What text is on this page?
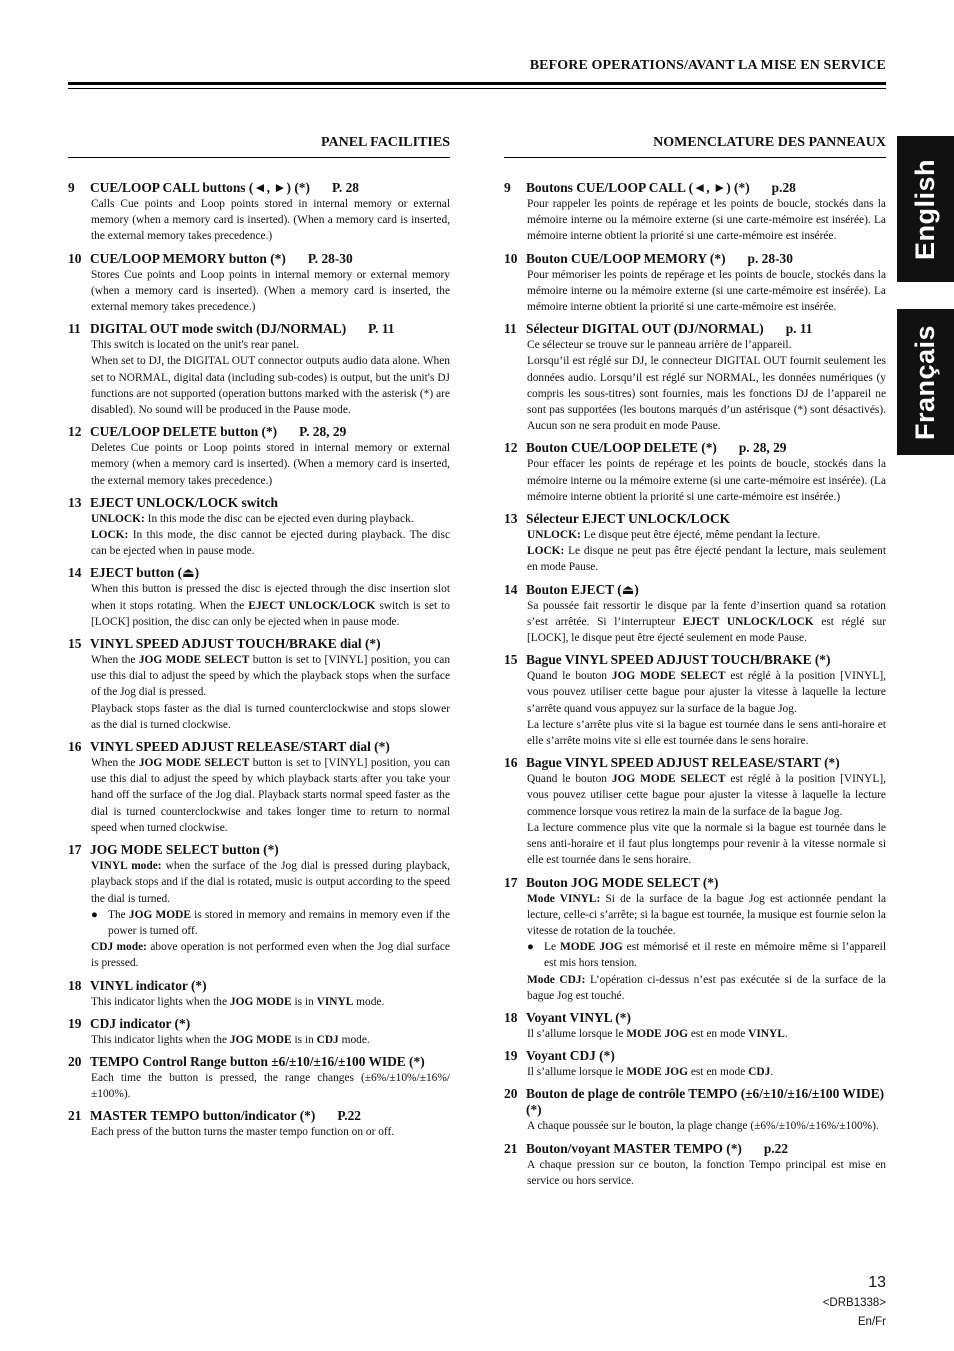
BEFORE OPERATIONS/AVANT LA MISE EN SERVICE
English
Français
PANEL FACILITIES
9	CUE/LOOP CALL buttons (◄, ►) (*) P. 28

Calls Cue points and Loop points stored in internal memory or external memory (when a memory card is inserted). (When a memory card is inserted, the external memory takes precedence.)

10 CUE/LOOP MEMORY button (*) P. 28-30

Stores Cue points and Loop points in internal memory or external memory (when a memory card is inserted). (When a memory card is inserted, the external memory takes precedence.)

11 DIGITAL OUT mode switch (DJ/NORMAL) P. 11

This switch is located on the unit's rear panel.

When set to DJ, the DIGITAL OUT connector outputs audio data alone. When set to NORMAL, digital data (including sub-codes) is output, but the unit's DJ functions are not supported (operation buttons marked with the asterisk (*) are disabled). No sound will be produced in the Pause mode.

12 CUE/LOOP DELETE button (*) P. 28, 29

Deletes Cue points or Loop points stored in internal memory or external memory (when a memory card is inserted). (When a memory card is inserted, the external memory takes precedence.)

13 EJECT UNLOCK/LOCK switch

UNLOCK: In this mode the disc can be ejected even during playback.

LOCK: In this mode, the disc cannot be ejected during playback. The disc can be ejected when in pause mode.

14 EJECT button (⏏)

When this button is pressed the disc is ejected through the disc insertion slot when it stops rotating. When the EJECT UNLOCK/LOCK switch is set to [LOCK] position, the disc can only be ejected when in pause mode.

15 VINYL SPEED ADJUST TOUCH/BRAKE dial (*)

When the JOG MODE SELECT button is set to [VINYL] position, you can use this dial to adjust the speed by which the playback stops when the surface of the Jog dial is pressed.

Playback stops faster as the dial is turned counterclockwise and stops slower as the dial is turned clockwise.

16 VINYL SPEED ADJUST RELEASE/START dial (*)

When the JOG MODE SELECT button is set to [VINYL] position, you can use this dial to adjust the speed by which playback starts after you take your hand off the surface of the Jog dial. Playback starts normal speed faster as the dial is turned counterclockwise and takes longer time to return to normal speed when turned clockwise.

17 JOG MODE SELECT button (*)

VINYL mode: when the surface of the Jog dial is pressed during playback, playback stops and if the dial is rotated, music is output according to the speed the dial is turned.

● The JOG MODE is stored in memory and remains in memory even if the power is turned off.

CDJ mode: above operation is not performed even when the Jog dial surface is pressed.

18 VINYL indicator (*)

This indicator lights when the JOG MODE is in VINYL mode.

19 CDJ indicator (*)

This indicator lights when the JOG MODE is in CDJ mode.

20 TEMPO Control Range button ±6/±10/±16/±100 WIDE (*)

Each time the button is pressed, the range changes (±6%/±10%/±16%/±100%).

21 MASTER TEMPO button/indicator (*) P.22

Each press of the button turns the master tempo function on or off.

NOMENCLATURE DES PANNEAUX
9	Boutons CUE/LOOP CALL (◄, ►) (*) p.28

Pour rappeler les points de repérage et les points de boucle, stockés dans la mémoire interne ou la mémoire externe (si une carte-mémoire est insérée). La mémoire interne obtient la priorité si une carte-mémoire est insérée.

10 Bouton CUE/LOOP MEMORY (*) p. 28-30

Pour mémoriser les points de repérage et les points de boucle, stockés dans la mémoire interne ou la mémoire externe (si une carte-mémoire est insérée). La mémoire interne obtient la priorité si une carte-mémoire est insérée.

11 Sélecteur DIGITAL OUT (DJ/NORMAL) p. 11

Ce sélecteur se trouve sur le panneau arrière de l’appareil.

Lorsqu’il est réglé sur DJ, le connecteur DIGITAL OUT fournit seulement les données audio. Lorsqu’il est réglé sur NORMAL, les données numériques (y compris les sous-titres) sont fournies, mais les fonctions DJ de l’appareil ne sont pas supportées (les boutons marqués d’un astérisque (*) sont désactivés). Aucun son ne sera produit en mode Pause.

12 Bouton CUE/LOOP DELETE (*) p. 28, 29

Pour effacer les points de repérage et les points de boucle, stockés dans la mémoire interne ou la mémoire externe (si une carte-mémoire est insérée). (La mémoire interne obtient la priorité si une carte-mémoire est insérée.)

13 Sélecteur EJECT UNLOCK/LOCK

UNLOCK: Le disque peut être éjecté, même pendant la lecture.

LOCK: Le disque ne peut pas être éjecté pendant la lecture, mais seulement en mode Pause.

14 Bouton EJECT (⏏)

Sa poussée fait ressortir le disque par la fente d’insertion quand sa rotation s’est arrêtée. Si l’interrupteur EJECT UNLOCK/LOCK est réglé sur [LOCK], le disque peut être éjecté seulement en mode Pause.

15 Bague VINYL SPEED ADJUST TOUCH/BRAKE (*)

Quand le bouton JOG MODE SELECT est réglé à la position [VINYL], vous pouvez utiliser cette bague pour ajuster la vitesse à laquelle la lecture s’arrête quand vous appuyez sur la surface de la bague Jog.

La lecture s’arrête plus vite si la bague est tournée dans le sens anti-horaire et elle s’arrête moins vite si elle est tournée dans le sens horaire.

16 Bague VINYL SPEED ADJUST RELEASE/START (*)

Quand le bouton JOG MODE SELECT est réglé à la position [VINYL], vous pouvez utiliser cette bague pour ajuster la vitesse à laquelle la lecture commence lorsque vous retirez la main de la surface de la bague Jog.

La lecture commence plus vite que la normale si la bague est tournée dans le sens anti-horaire et il faut plus longtemps pour revenir à la vitesse normale si elle est tournée dans le sens horaire.

17 Bouton JOG MODE SELECT (*)

Mode VINYL: Si de la surface de la bague Jog est actionnée pendant la lecture, celle-ci s’arrête; si la bague est tournée, la musique est fournie selon la vitesse de rotation de la touchée.

● Le MODE JOG est mémorisé et il reste en mémoire même si l’appareil est mis hors tension.

Mode CDJ: L’opération ci-dessus n’est pas exécutée si de la surface de la bague Jog est touché.

18 Voyant VINYL (*)

Il s’allume lorsque le MODE JOG est en mode VINYL.

19 Voyant CDJ (*)

Il s’allume lorsque le MODE JOG est en mode CDJ.

20 Bouton de plage de contrôle TEMPO (±6/±10/±16/±100 WIDE) (*)

A chaque poussée sur le bouton, la plage change (±6%/±10%/±16%/±100%).

21 Bouton/voyant MASTER TEMPO (*) p.22

A chaque pression sur ce bouton, la fonction Tempo principal est mise en service ou hors service.

13
<DRB1338>
En/Fr
